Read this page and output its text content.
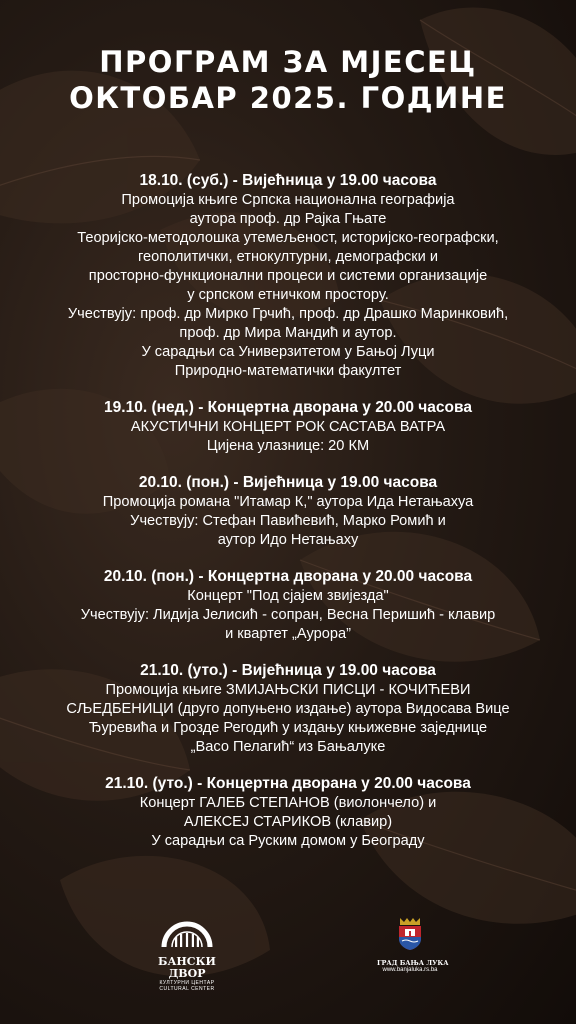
ПРОГРАМ ЗА МЈЕСЕЦ
ОКТОБАР 2025. ГОДИНЕ
18.10. (суб.) - Вијећница у 19.00 часова
Промоција књиге Српска национална географија
аутора проф. др Рајка Гњате
Теоријско-методолошка утемељеност, историјско-географски,
геополитички, етнокултурни, демографски и
просторно-функционални процеси и системи организације
у српском етничком простору.
Учествују: проф. др Мирко Грчић, проф. др Драшко Маринковић,
проф. др Мира Мандић и аутор.
У сарадњи са Универзитетом у Бањој Луци
Природно-математички факултет
19.10. (нед.) - Концертна дворана у 20.00 часова
АКУСТИЧНИ КОНЦЕРТ РОК САСТАВА ВАТРА
Цијена улазнице: 20 КМ
20.10. (пон.) - Вијећница у 19.00 часова
Промоција романа "Итамар К," аутора Ида Нетањахуа
Учествују: Стефан Павићевић, Марко Ромић и
аутор Идо Нетањаху
20.10. (пон.) - Концертна дворана у 20.00 часова
Концерт "Под сјајем звијезда"
Учествују: Лидија Јелисић - сопран, Весна Перишић - клавир
и квартет „Аурора”
21.10. (уто.) - Вијећница у 19.00 часова
Промоција књиге ЗМИЈАЊСКИ ПИСЦИ - КОЧИЋЕВИ
СЉЕДБЕНИЦИ (друго допуњено издање) аутора Видосава Вице
Ђуревића и Грозде Регодић у издању књижевне заједнице
„Васо Пелагић“ из Бањалуке
21.10. (уто.) - Концертна дворана у 20.00 часова
Концерт ГАЛЕБ СТЕПАНОВ (виолончело) и
АЛЕКСЕЈ СТАРИКОВ (клавир)
У сарадњи са Руским домом у Београду
БАНСКИ ДВОР
КУЛТУРНИ ЦЕНТАР
CULTURAL CENTER
ГРАД БАЊА ЛУКА
www.banjaluka.rs.ba
